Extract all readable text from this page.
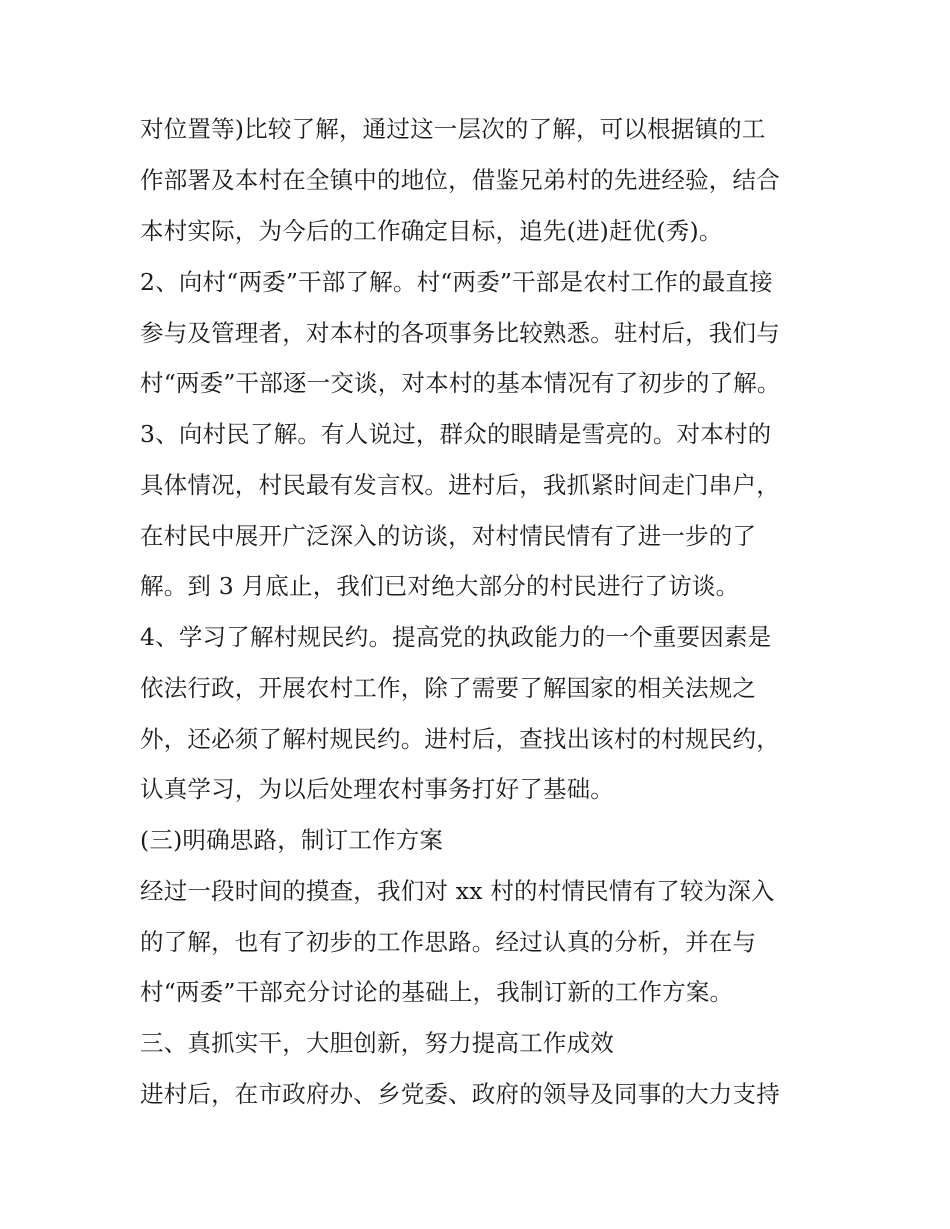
对位置等)比较了解，通过这一层次的了解，可以根据镇的工
作部署及本村在全镇中的地位，借鉴兄弟村的先进经验，结合
本村实际，为今后的工作确定目标，追先(进)赶优(秀)。
2、向村“两委”干部了解。村“两委”干部是农村工作的最直接
参与及管理者，对本村的各项事务比较熟悉。驻村后，我们与
村“两委”干部逐一交谈，对本村的基本情况有了初步的了解。
3、向村民了解。有人说过，群众的眼睛是雪亮的。对本村的
具体情况，村民最有发言权。进村后，我抓紧时间走门串户，
在村民中展开广泛深入的访谈，对村情民情有了进一步的了
解。到 3 月底止，我们已对绝大部分的村民进行了访谈。
4、学习了解村规民约。提高党的执政能力的一个重要因素是
依法行政，开展农村工作，除了需要了解国家的相关法规之
外，还必须了解村规民约。进村后，查找出该村的村规民约，
认真学习，为以后处理农村事务打好了基础。
(三)明确思路，制订工作方案
经过一段时间的摸查，我们对 xx 村的村情民情有了较为深入
的了解，也有了初步的工作思路。经过认真的分析，并在与
村“两委”干部充分讨论的基础上，我制订新的工作方案。
三、真抓实干，大胆创新，努力提高工作成效
进村后，在市政府办、乡党委、政府的领导及同事的大力支持
